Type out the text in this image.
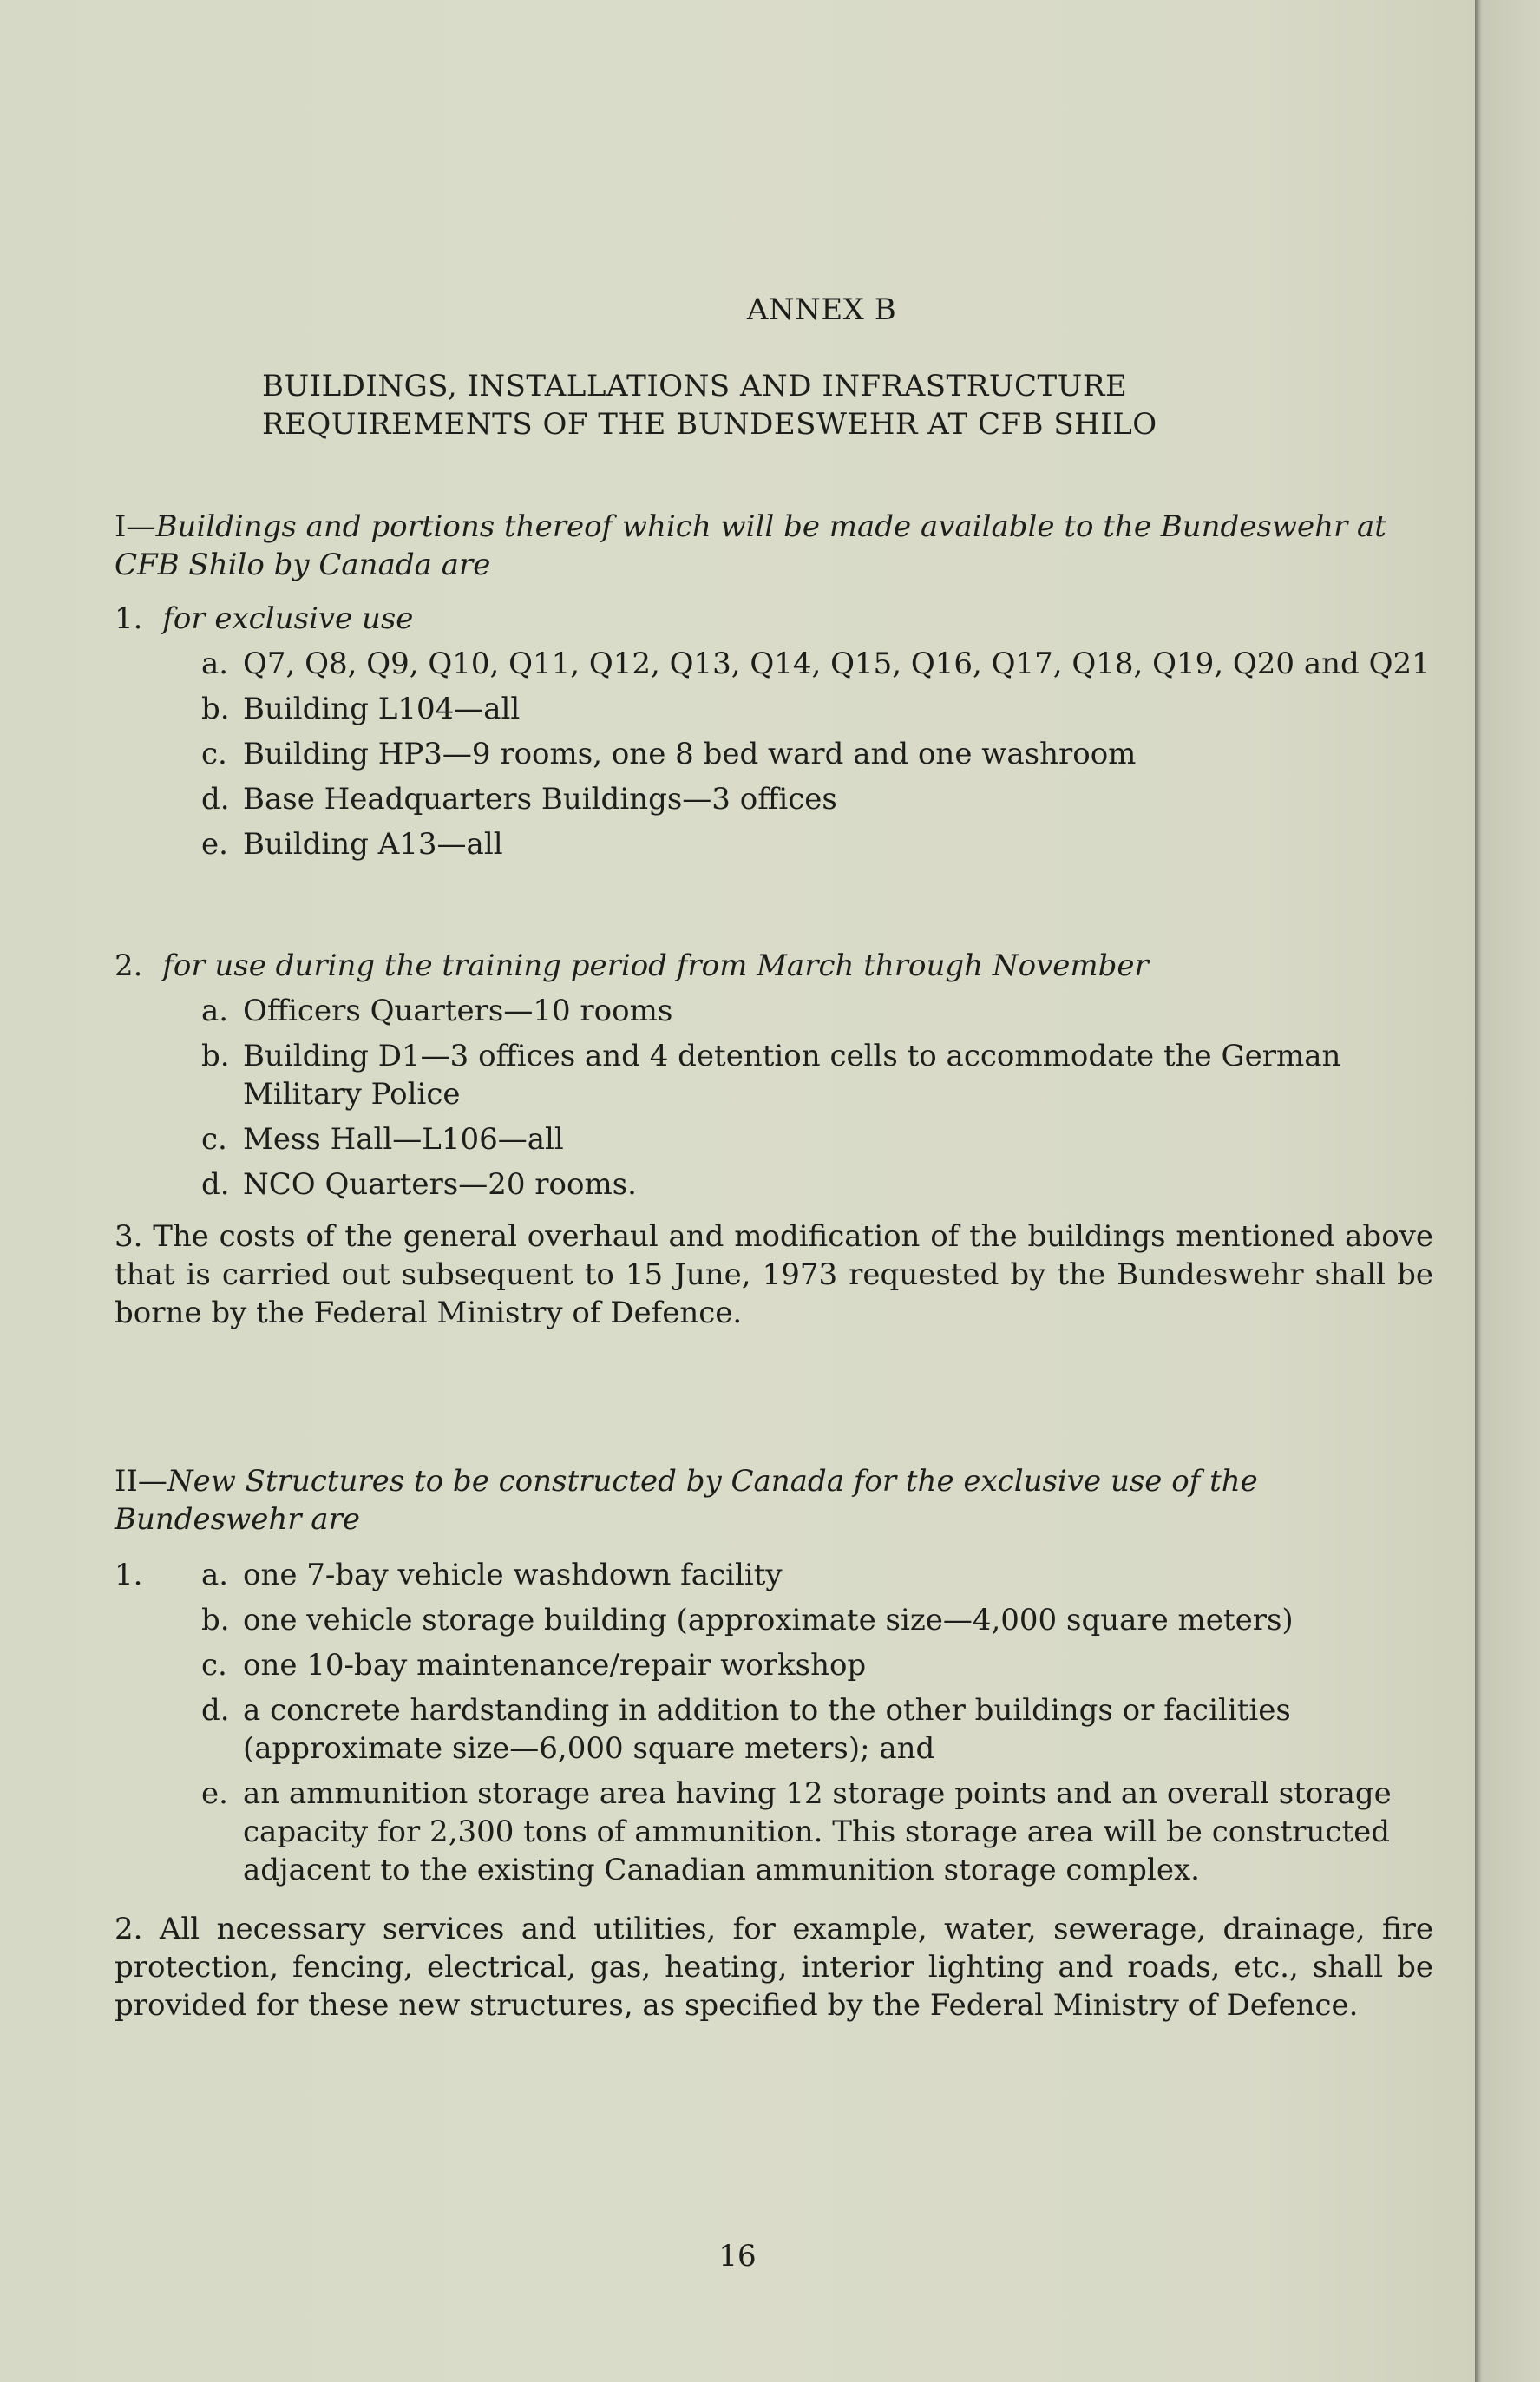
ANNEX B
BUILDINGS, INSTALLATIONS AND INFRASTRUCTURE
REQUIREMENTS OF THE BUNDESWEHR AT CFB SHILO
I—Buildings and portions thereof which will be made available to the Bundeswehr at CFB Shilo by Canada are
1. for exclusive use
a. Q7, Q8, Q9, Q10, Q11, Q12, Q13, Q14, Q15, Q16, Q17, Q18, Q19, Q20 and Q21
b. Building L104—all
c. Building HP3—9 rooms, one 8 bed ward and one washroom
d. Base Headquarters Buildings—3 offices
e. Building A13—all
2. for use during the training period from March through November
a. Officers Quarters—10 rooms
b. Building D1—3 offices and 4 detention cells to accommodate the German Military Police
c. Mess Hall—L106—all
d. NCO Quarters—20 rooms.
3. The costs of the general overhaul and modification of the buildings mentioned above that is carried out subsequent to 15 June, 1973 requested by the Bundeswehr shall be borne by the Federal Ministry of Defence.
II—New Structures to be constructed by Canada for the exclusive use of the Bundeswehr are
1.	a. one 7-bay vehicle washdown facility
b. one vehicle storage building (approximate size—4,000 square meters)
c. one 10-bay maintenance/repair workshop
d. a concrete hardstanding in addition to the other buildings or facilities (approximate size—6,000 square meters); and
e. an ammunition storage area having 12 storage points and an overall storage capacity for 2,300 tons of ammunition. This storage area will be constructed adjacent to the existing Canadian ammunition storage complex.
2. All necessary services and utilities, for example, water, sewerage, drainage, fire protection, fencing, electrical, gas, heating, interior lighting and roads, etc., shall be provided for these new structures, as specified by the Federal Ministry of Defence.
16
